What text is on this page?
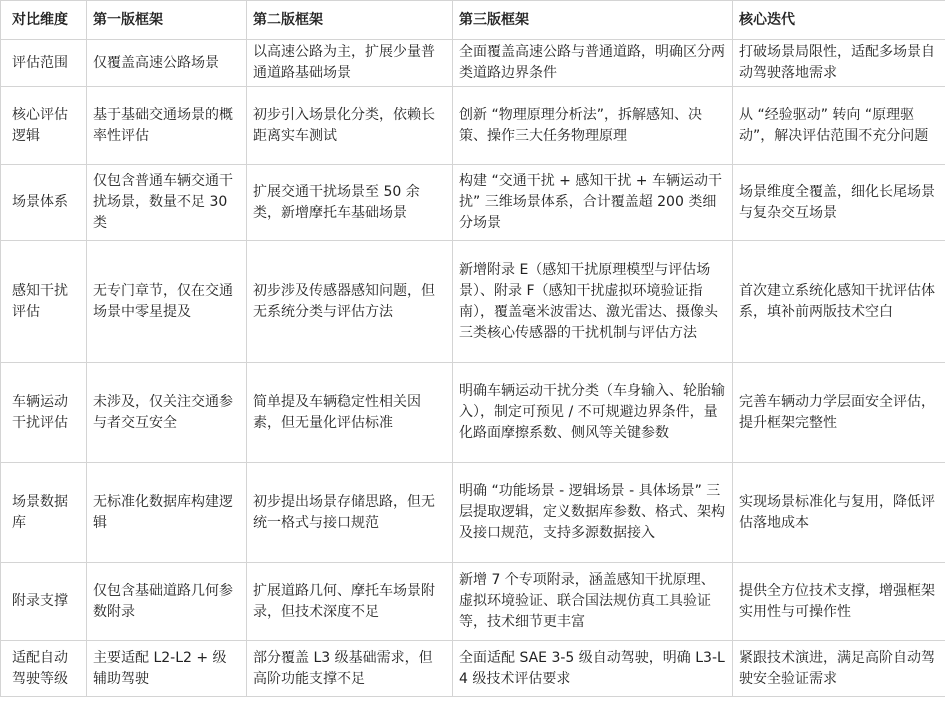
对比维度	第一版框架	第二版框架	第三版框架	核心迭代
评估范围	仅覆盖高速公路场景	以高速公路为主，扩展少量普通道路基础场景	全面覆盖高速公路与普通道路，明确区分两类道路边界条件	打破场景局限性，适配多场景自动驾驶落地需求
核心评估逻辑	基于基础交通场景的概率性评估	初步引入场景化分类，依赖长距离实车测试	创新 “物理原理分析法”，拆解感知、决策、操作三大任务物理原理	从 “经验驱动” 转向 “原理驱动”，解决评估范围不充分问题
场景体系	仅包含普通车辆交通干扰场景，数量不足 30 类	扩展交通干扰场景至 50 余类，新增摩托车基础场景	构建 “交通干扰 + 感知干扰 + 车辆运动干扰” 三维场景体系，合计覆盖超 200 类细分场景	场景维度全覆盖，细化长尾场景与复杂交互场景
感知干扰评估	无专门章节，仅在交通场景中零星提及	初步涉及传感器感知问题，但无系统分类与评估方法	新增附录 E（感知干扰原理模型与评估场景）、附录 F（感知干扰虚拟环境验证指南），覆盖毫米波雷达、激光雷达、摄像头三类核心传感器的干扰机制与评估方法	首次建立系统化感知干扰评估体系，填补前两版技术空白
车辆运动干扰评估	未涉及，仅关注交通参与者交互安全	简单提及车辆稳定性相关因素，但无量化评估标准	明确车辆运动干扰分类（车身输入、轮胎输入），制定可预见 / 不可规避边界条件，量化路面摩擦系数、侧风等关键参数	完善车辆动力学层面安全评估，提升框架完整性
场景数据库	无标准化数据库构建逻辑	初步提出场景存储思路，但无统一格式与接口规范	明确 “功能场景 - 逻辑场景 - 具体场景” 三层提取逻辑，定义数据库参数、格式、架构及接口规范，支持多源数据接入	实现场景标准化与复用，降低评估落地成本
附录支撑	仅包含基础道路几何参数附录	扩展道路几何、摩托车场景附录，但技术深度不足	新增 7 个专项附录，涵盖感知干扰原理、虚拟环境验证、联合国法规仿真工具验证等，技术细节更丰富	提供全方位技术支撑，增强框架实用性与可操作性
适配自动驾驶等级	主要适配 L2-L2 + 级辅助驾驶	部分覆盖 L3 级基础需求，但高阶功能支撑不足	全面适配 SAE 3-5 级自动驾驶，明确 L3-L4 级技术评估要求	紧跟技术演进，满足高阶自动驾驶安全验证需求
